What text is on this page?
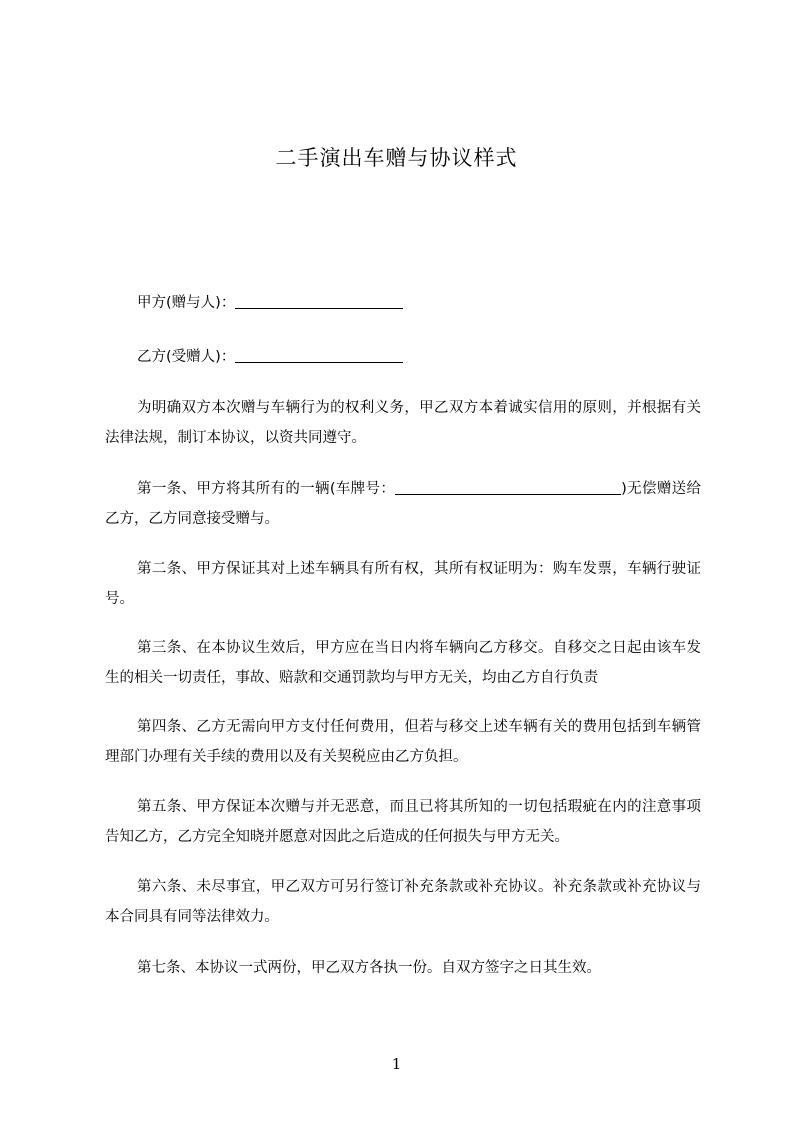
二手演出车赠与协议样式
甲方(赠与人)：
乙方(受赠人)：
为明确双方本次赠与车辆行为的权利义务，甲乙双方本着诚实信用的原则，并根据有关法律法规，制订本协议，以资共同遵守。
第一条、甲方将其所有的一辆(车牌号：	)无偿赠送给乙方，乙方同意接受赠与。
第二条、甲方保证其对上述车辆具有所有权，其所有权证明为：购车发票，车辆行驶证号。
第三条、在本协议生效后，甲方应在当日内将车辆向乙方移交。自移交之日起由该车发生的相关一切责任，事故、赔款和交通罚款均与甲方无关，均由乙方自行负责
第四条、乙方无需向甲方支付任何费用，但若与移交上述车辆有关的费用包括到车辆管理部门办理有关手续的费用以及有关契税应由乙方负担。
第五条、甲方保证本次赠与并无恶意，而且已将其所知的一切包括瑕疵在内的注意事项告知乙方，乙方完全知晓并愿意对因此之后造成的任何损失与甲方无关。
第六条、未尽事宜，甲乙双方可另行签订补充条款或补充协议。补充条款或补充协议与本合同具有同等法律效力。
第七条、本协议一式两份，甲乙双方各执一份。自双方签字之日其生效。
1
